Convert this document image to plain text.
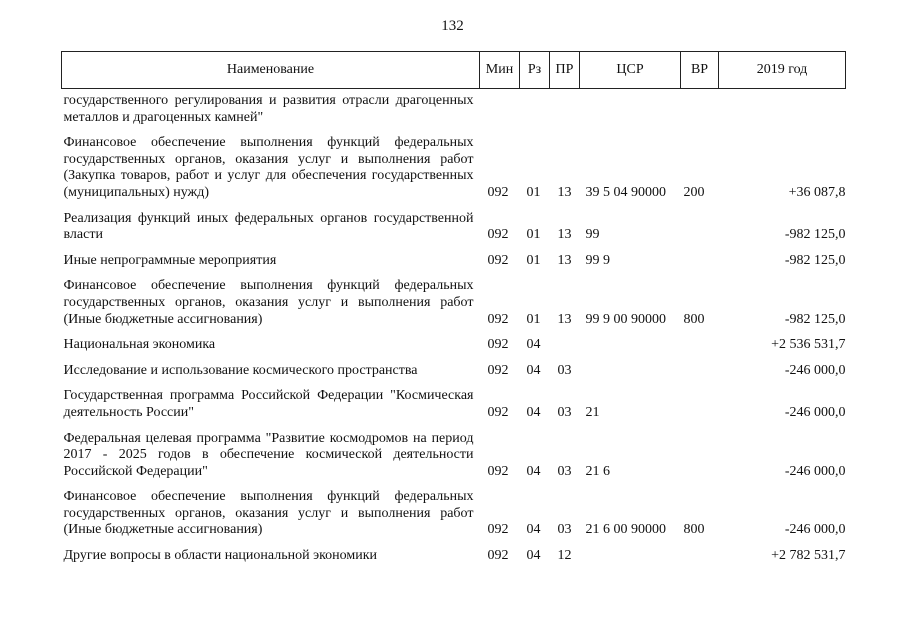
132
Наименование	Мин	Рз	ПР	ЦСР	ВР	2019 год
государственного регулирования и развития отрасли драгоценных металлов и драгоценных камней"						
Финансовое обеспечение выполнения функций федеральных государственных органов, оказания услуг и выполнения работ (Закупка товаров, работ и услуг для обеспечения государственных (муниципальных) нужд)	092	01	13	39 5 04 90000	200	+36 087,8
Реализация функций иных федеральных органов государственной власти	092	01	13	99		-982 125,0
Иные непрограммные мероприятия	092	01	13	99 9		-982 125,0
Финансовое обеспечение выполнения функций федеральных государственных органов, оказания услуг и выполнения работ (Иные бюджетные ассигнования)	092	01	13	99 9 00 90000	800	-982 125,0
Национальная экономика	092	04				+2 536 531,7
Исследование и использование космического пространства	092	04	03			-246 000,0
Государственная программа Российской Федерации "Космическая деятельность России"	092	04	03	21		-246 000,0
Федеральная целевая программа "Развитие космодромов на период 2017 - 2025 годов в обеспечение космической деятельности Российской Федерации"	092	04	03	21 6		-246 000,0
Финансовое обеспечение выполнения функций федеральных государственных органов, оказания услуг и выполнения работ (Иные бюджетные ассигнования)	092	04	03	21 6 00 90000	800	-246 000,0
Другие вопросы в области национальной экономики	092	04	12			+2 782 531,7
